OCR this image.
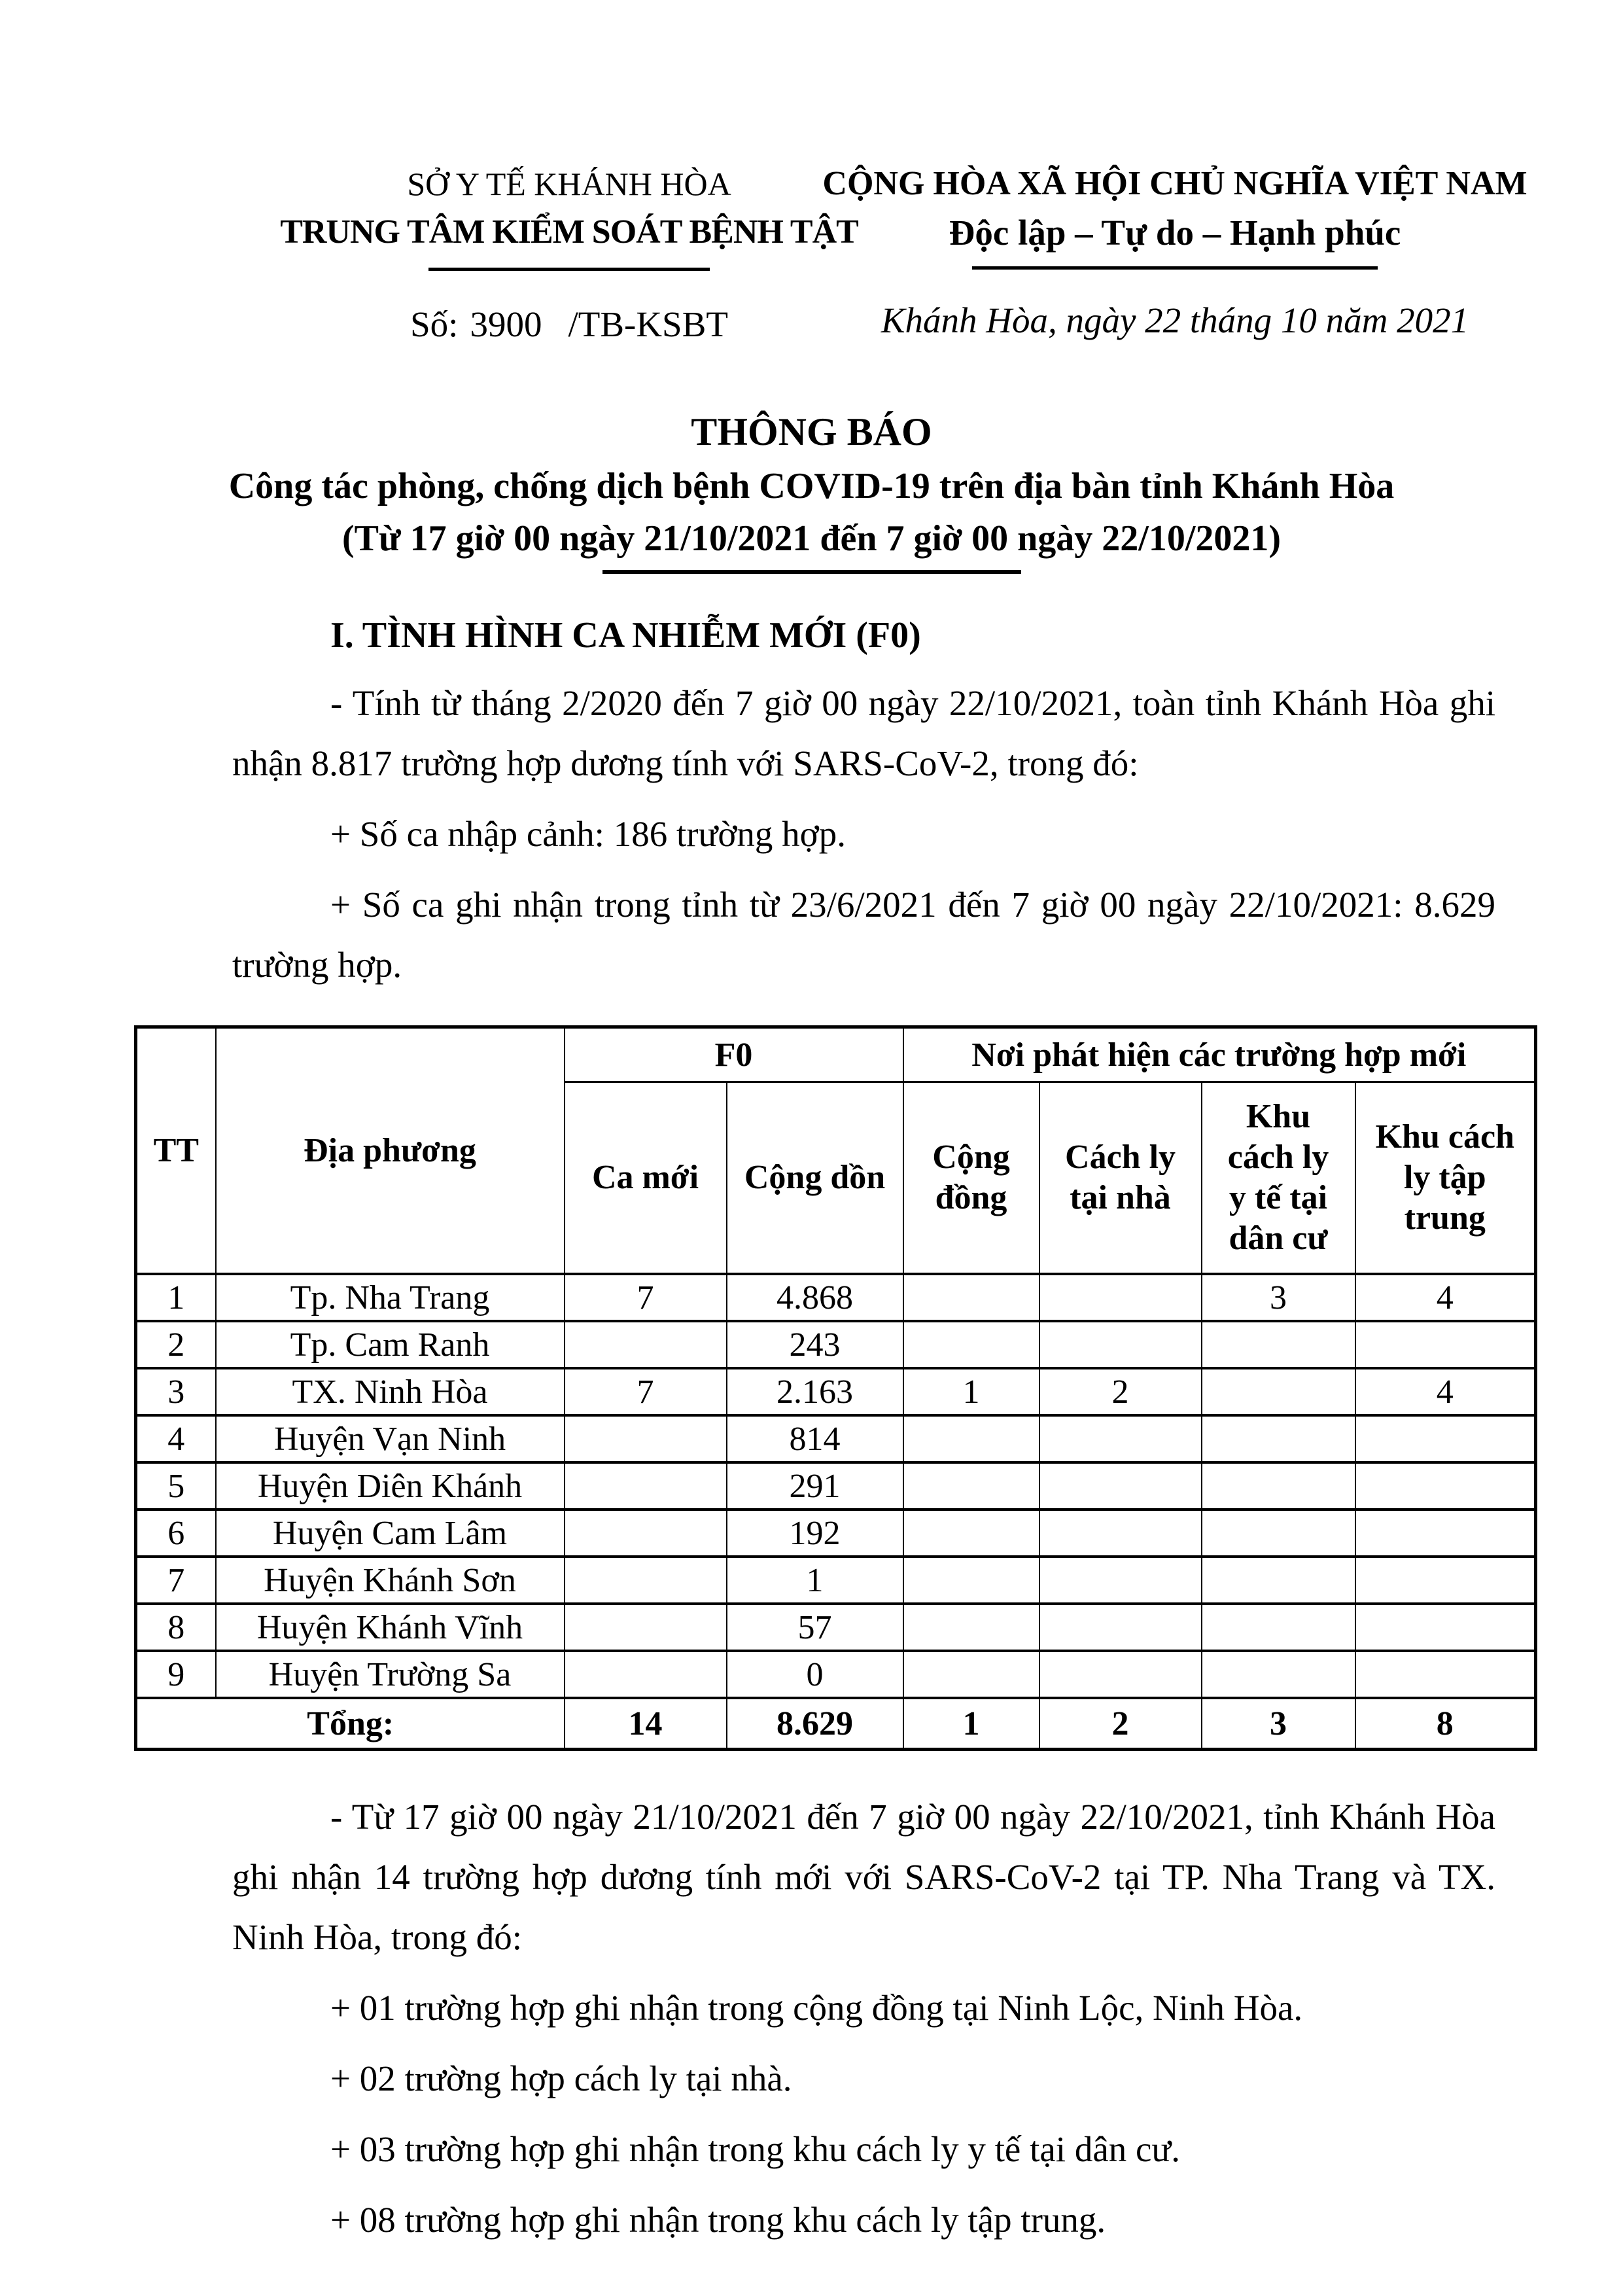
SỞ Y TẾ KHÁNH HÒA
TRUNG TÂM KIỂM SOÁT BỆNH TẬT
Số: 3900 /TB-KSBT
CỘNG HÒA XÃ HỘI CHỦ NGHĨA VIỆT NAM
Độc lập – Tự do – Hạnh phúc
Khánh Hòa, ngày 22 tháng 10 năm 2021
THÔNG BÁO
Công tác phòng, chống dịch bệnh COVID-19 trên địa bàn tỉnh Khánh Hòa
(Từ 17 giờ 00 ngày 21/10/2021 đến 7 giờ 00 ngày 22/10/2021)
I. TÌNH HÌNH CA NHIỄM MỚI (F0)

- Tính từ tháng 2/2020 đến 7 giờ 00 ngày 22/10/2021, toàn tỉnh Khánh Hòa ghi nhận 8.817 trường hợp dương tính với SARS-CoV-2, trong đó:

+ Số ca nhập cảnh: 186 trường hợp.

+ Số ca ghi nhận trong tỉnh từ 23/6/2021 đến 7 giờ 00 ngày 22/10/2021: 8.629 trường hợp.

TT	Địa phương	F0		Nơi phát hiện các trường hợp mới			
		Ca mới	Cộng dồn	Cộng đồng	Cách ly tại nhà	Khu cách ly y tế tại dân cư	Khu cách ly tập trung
1	Tp. Nha Trang	7	4.868			3	4
2	Tp. Cam Ranh		243				
3	TX. Ninh Hòa	7	2.163	1	2		4
4	Huyện Vạn Ninh		814				
5	Huyện Diên Khánh		291				
6	Huyện Cam Lâm		192				
7	Huyện Khánh Sơn		1				
8	Huyện Khánh Vĩnh		57				
9	Huyện Trường Sa		0				
Tổng:		14	8.629	1	2	3	8

- Từ 17 giờ 00 ngày 21/10/2021 đến 7 giờ 00 ngày 22/10/2021, tỉnh Khánh Hòa ghi nhận 14 trường hợp dương tính mới với SARS-CoV-2 tại TP. Nha Trang và TX. Ninh Hòa, trong đó:

+ 01 trường hợp ghi nhận trong cộng đồng tại Ninh Lộc, Ninh Hòa.

+ 02 trường hợp cách ly tại nhà.

+ 03 trường hợp ghi nhận trong khu cách ly y tế tại dân cư.

+ 08 trường hợp ghi nhận trong khu cách ly tập trung.
